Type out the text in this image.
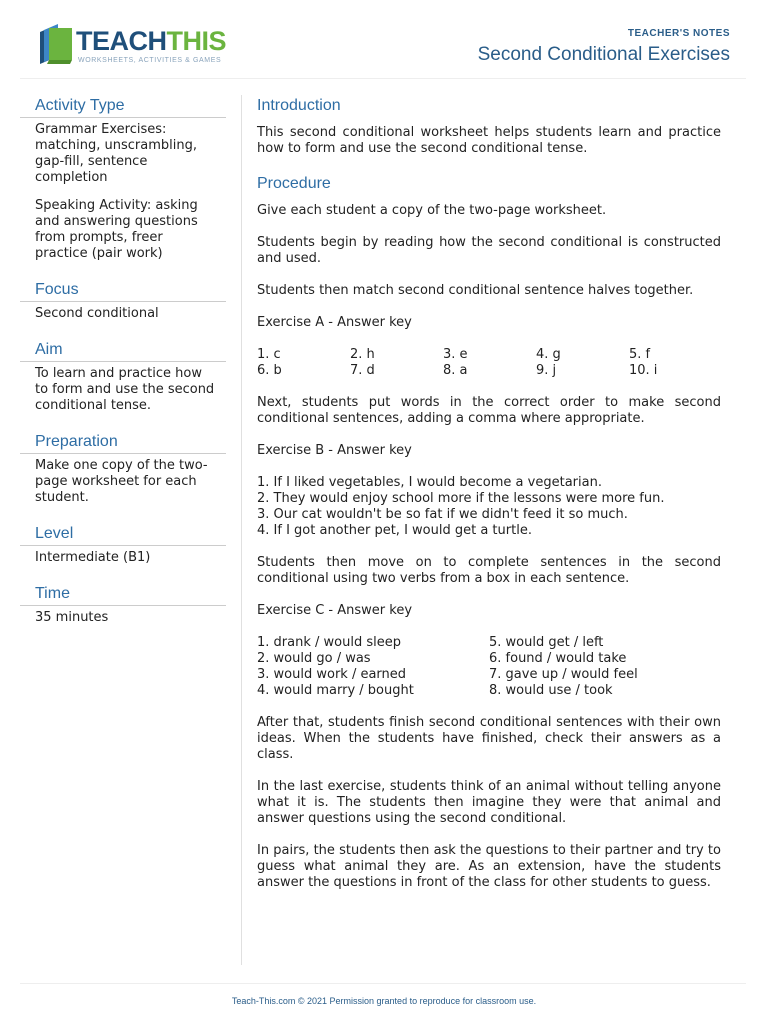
TEACHTHIS
WORKSHEETS, ACTIVITIES & GAMES
TEACHER'S NOTES
Second Conditional Exercises
Activity Type
Grammar Exercises: matching, unscrambling, gap-fill, sentence completion
Speaking Activity: asking and answering questions from prompts, freer practice (pair work)
Focus
Second conditional
Aim
To learn and practice how to form and use the second conditional tense.
Preparation
Make one copy of the two-page worksheet for each student.
Level
Intermediate (B1)
Time
35 minutes
Introduction

This second conditional worksheet helps students learn and practice how to form and use the second conditional tense.

Procedure

Give each student a copy of the two-page worksheet.

Students begin by reading how the second conditional is constructed and used.

Students then match second conditional sentence halves together.

Exercise A - Answer key

1. c	2. h	3. e	4. g	5. f
6. b	7. d	8. a	9. j	10. i

Next, students put words in the correct order to make second conditional sentences, adding a comma where appropriate.

Exercise B - Answer key

1. If I liked vegetables, I would become a vegetarian.
2. They would enjoy school more if the lessons were more fun.
3. Our cat wouldn't be so fat if we didn't feed it so much.
4. If I got another pet, I would get a turtle.

Students then move on to complete sentences in the second conditional using two verbs from a box in each sentence.

Exercise C - Answer key

1. drank / would sleep	5. would get / left
2. would go / was	6. found / would take
3. would work / earned	7. gave up / would feel
4. would marry / bought	8. would use / took

After that, students finish second conditional sentences with their own ideas. When the students have finished, check their answers as a class.

In the last exercise, students think of an animal without telling anyone what it is. The students then imagine they were that animal and answer questions using the second conditional.

In pairs, the students then ask the questions to their partner and try to guess what animal they are. As an extension, have the students answer the questions in front of the class for other students to guess.

Teach-This.com © 2021 Permission granted to reproduce for classroom use.
